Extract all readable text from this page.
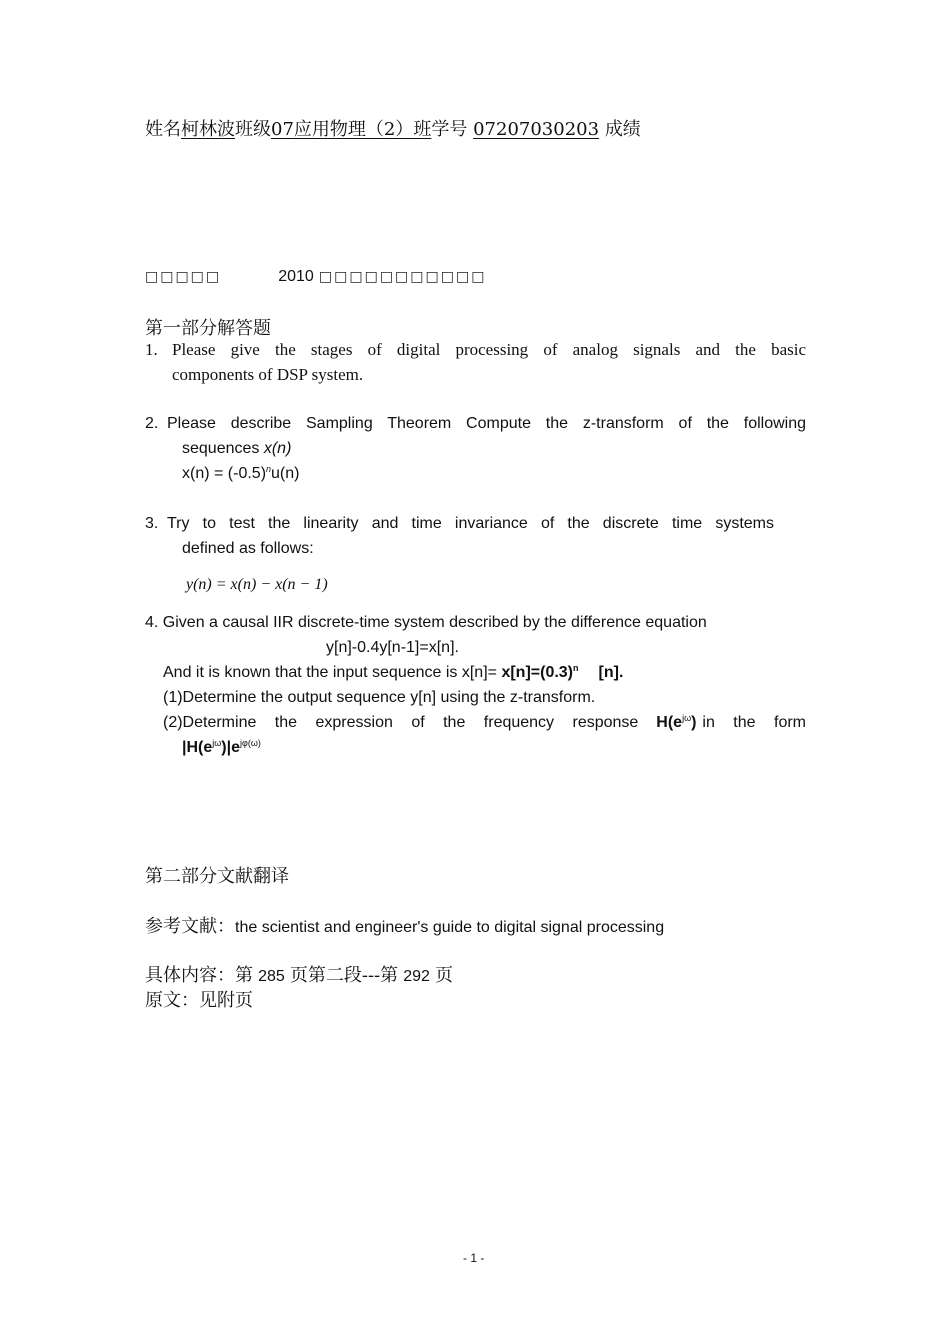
姓名柯林波班级07应用物理（2）班学号 07207030203 成绩
□□□□□	2010 □□□□□□□□□□□
第一部分解答题
1. Please give the stages of digital processing of analog signals and the basic
components of DSP system.
2. Please describe Sampling Theorem Compute the z-transform of the following
sequences x(n)
$x(n) = (-0.5)^nu(n)$
3. Try to test the linearity and time invariance of the discrete time systems
defined as follows:
y(n) = x(n) − x(n − 1)
4. Given a causal IIR discrete-time system described by the difference equation
y[n]-0.4y[n-1]=x[n].
And it is known that the input sequence is $x[n]= x[n]=(0.3)^n$ [n].
(1)Determine the output sequence y[n] using the z-transform.
(2)Determine the expression of the frequency response $H(e^{j\omega})$ in the form
$|H(e^{j\omega})|e^{j\varphi(\omega)}$
第二部分文献翻译
参考文献：the scientist and engineer's guide to digital signal processing
具体内容：第 285 页第二段---第 292 页
原文：见附页
- 1 -
